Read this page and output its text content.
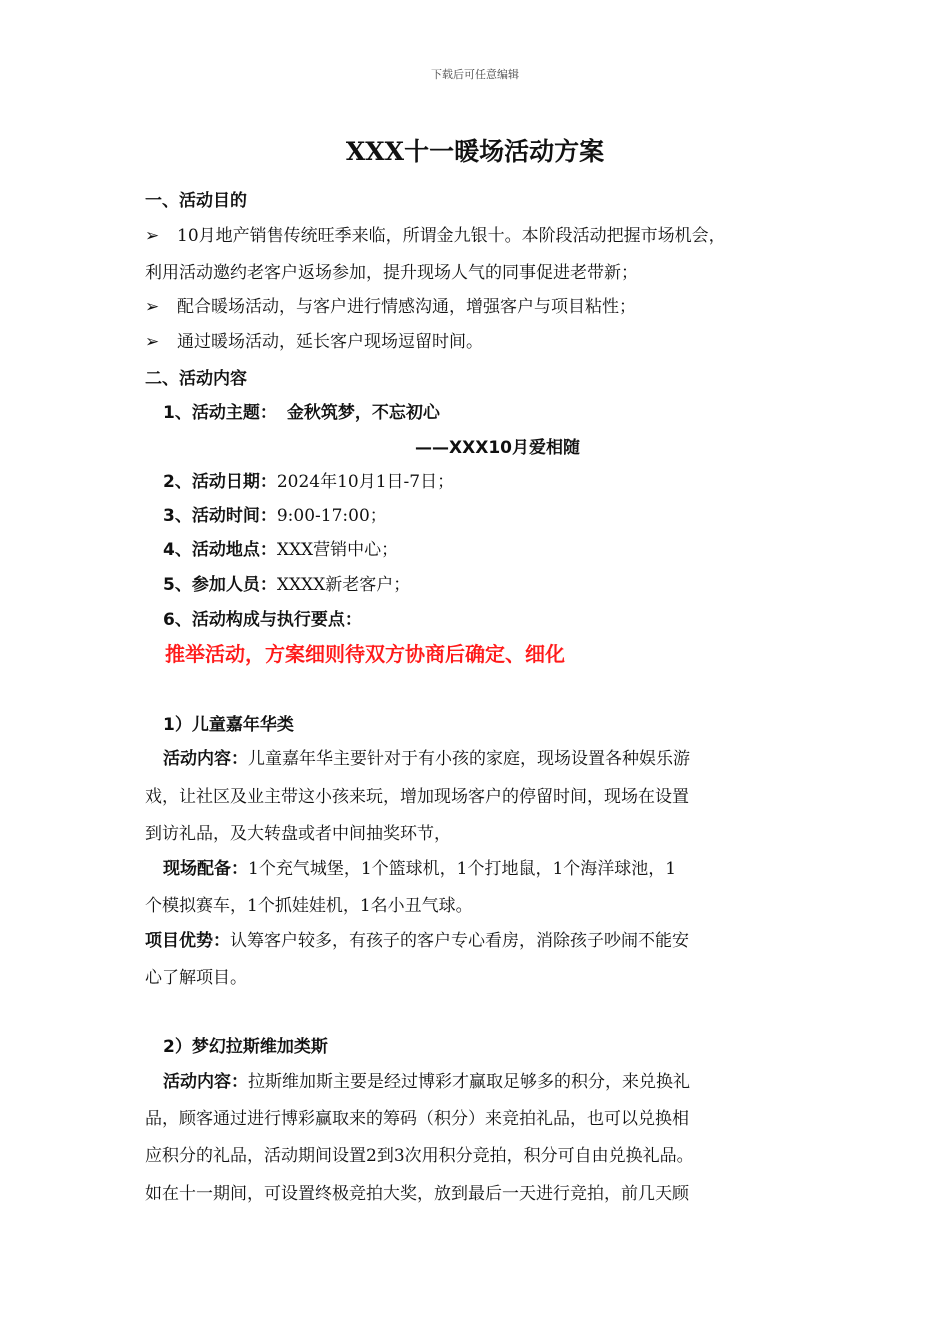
下载后可任意编辑
XXX十一暖场活动方案
一、活动目的
➢ 10月地产销售传统旺季来临，所谓金九银十。本阶段活动把握市场机会，
利用活动邀约老客户返场参加，提升现场人气的同事促进老带新；
➢ 配合暖场活动，与客户进行情感沟通，增强客户与项目粘性；
➢ 通过暖场活动，延长客户现场逗留时间。
二、活动内容
1、活动主题： 金秋筑梦，不忘初心
——XXX10月爱相随
2、活动日期：2024年10月1日-7日；
3、活动时间：9:00-17:00；
4、活动地点：XXX营销中心；
5、参加人员：XXXX新老客户；
6、活动构成与执行要点：
推举活动，方案细则待双方协商后确定、细化
1）儿童嘉年华类
活动内容：儿童嘉年华主要针对于有小孩的家庭，现场设置各种娱乐游
戏，让社区及业主带这小孩来玩，增加现场客户的停留时间，现场在设置
到访礼品，及大转盘或者中间抽奖环节，
现场配备：1个充气城堡，1个篮球机，1个打地鼠，1个海洋球池，1
个模拟赛车，1个抓娃娃机，1名小丑气球。
项目优势：认筹客户较多，有孩子的客户专心看房，消除孩子吵闹不能安
心了解项目。
2）梦幻拉斯维加类斯
活动内容：拉斯维加斯主要是经过博彩才赢取足够多的积分，来兑换礼
品，顾客通过进行博彩赢取来的筹码（积分）来竞拍礼品，也可以兑换相
应积分的礼品，活动期间设置2到3次用积分竞拍，积分可自由兑换礼品。
如在十一期间，可设置终极竞拍大奖，放到最后一天进行竞拍，前几天顾
